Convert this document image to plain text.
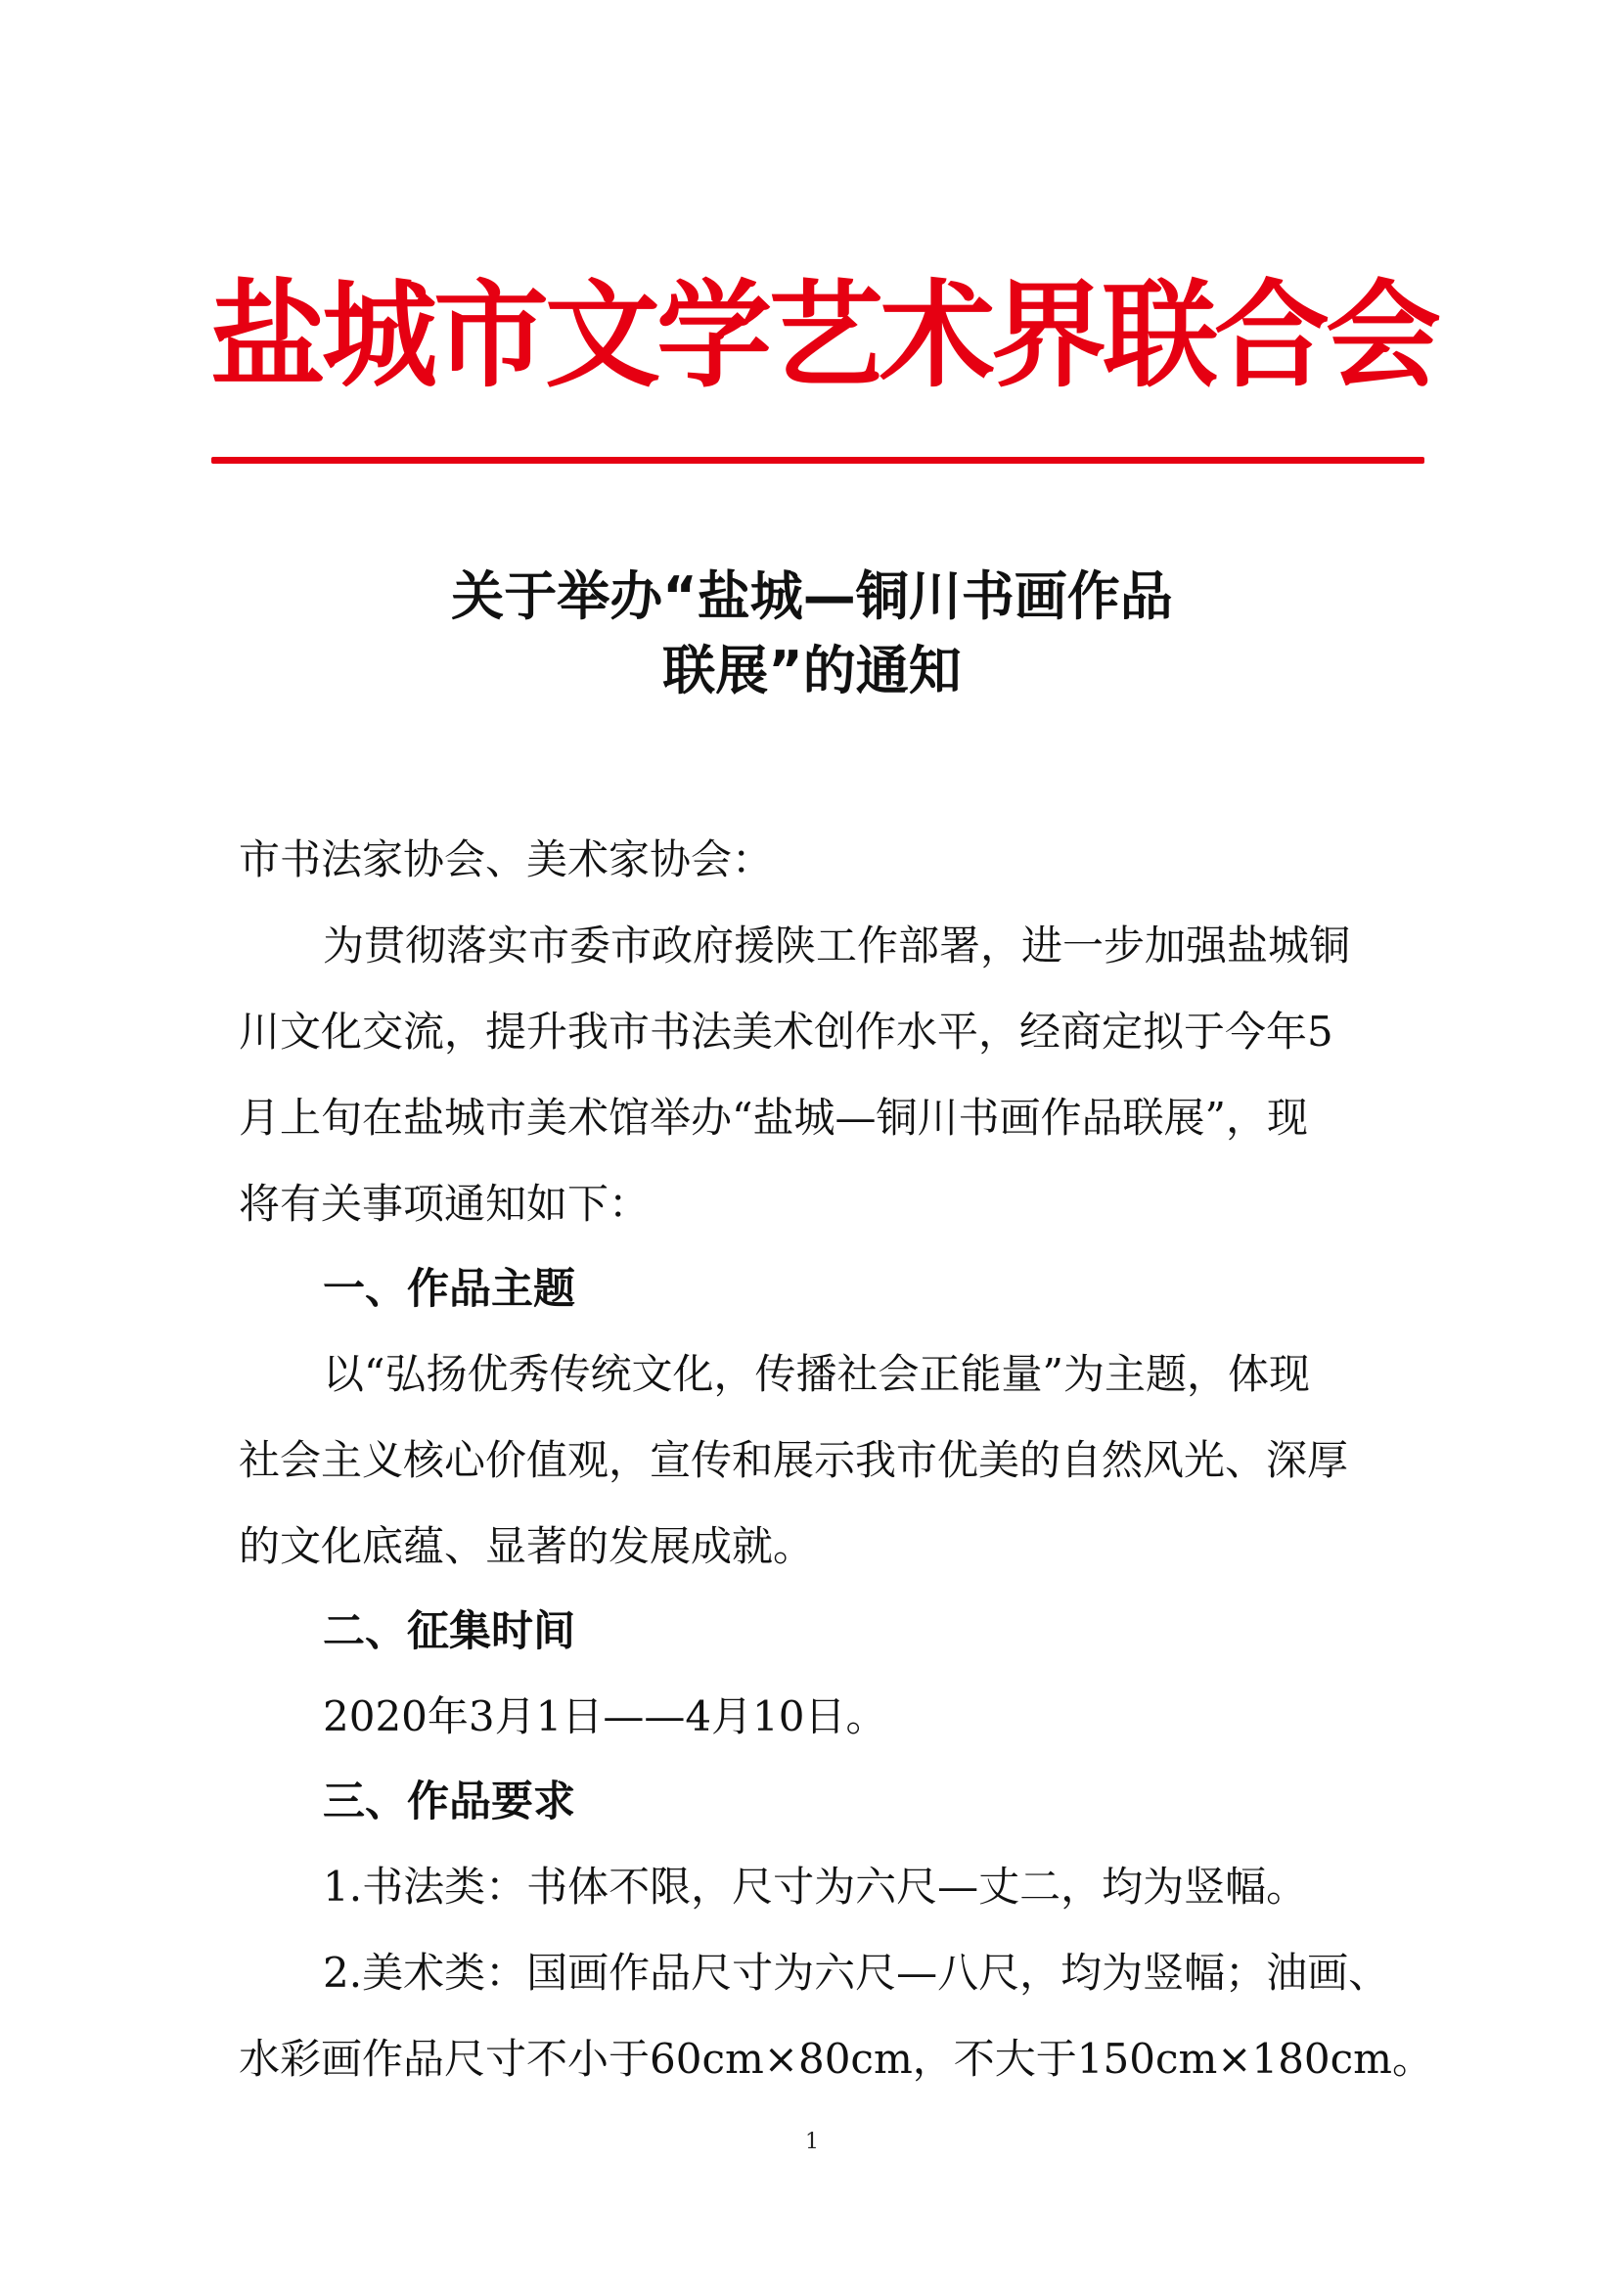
盐城市文学艺术界联合会
关于举办“盐城—铜川书画作品
联展”的通知
市书法家协会、美术家协会：
为贯彻落实市委市政府援陕工作部署，进一步加强盐城铜
川文化交流，提升我市书法美术创作水平，经商定拟于今年5
月上旬在盐城市美术馆举办“盐城—铜川书画作品联展”，现
将有关事项通知如下：
一、作品主题
以“弘扬优秀传统文化，传播社会正能量”为主题，体现
社会主义核心价值观，宣传和展示我市优美的自然风光、深厚
的文化底蕴、显著的发展成就。
二、征集时间
2020年3月1日——4月10日。
三、作品要求
1.书法类：书体不限，尺寸为六尺—丈二，均为竖幅。
2.美术类：国画作品尺寸为六尺—八尺，均为竖幅；油画、
水彩画作品尺寸不小于60cm×80cm，不大于150cm×180cm。
1
